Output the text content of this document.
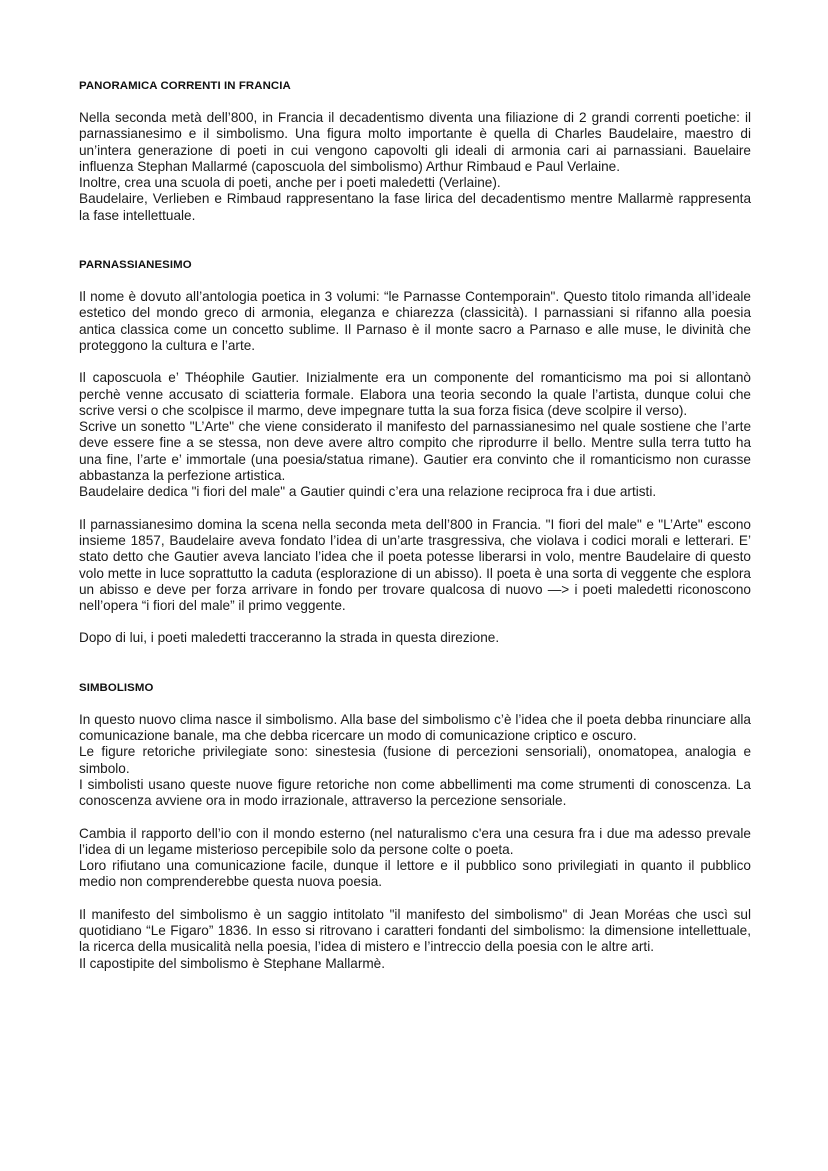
PANORAMICA CORRENTI IN FRANCIA

Nella seconda metà dell’800, in Francia il decadentismo diventa una filiazione di 2 grandi correnti poetiche: il parnassianesimo e il simbolismo. Una figura molto importante è quella di Charles Baudelaire, maestro di un’intera generazione di poeti in cui vengono capovolti gli ideali di armonia cari ai parnassiani. Bauelaire influenza Stephan Mallarmé (caposcuola del simbolismo) Arthur Rimbaud e Paul Verlaine.

Inoltre, crea una scuola di poeti, anche per i poeti maledetti (Verlaine).

Baudelaire, Verlieben e Rimbaud rappresentano la fase lirica del decadentismo mentre Mallarmè rappresenta la fase intellettuale.

PARNASSIANESIMO

Il nome è dovuto all’antologia poetica in 3 volumi: “le Parnasse Contemporain". Questo titolo rimanda all’ideale estetico del mondo greco di armonia, eleganza e chiarezza (classicità). I parnassiani si rifanno alla poesia antica classica come un concetto sublime. Il Parnaso è il monte sacro a Parnaso e alle muse, le divinità che proteggono la cultura e l’arte.

Il caposcuola e’ Théophile Gautier. Inizialmente era un componente del romanticismo ma poi si allontanò perchè venne accusato di sciatteria formale. Elabora una teoria secondo la quale l’artista, dunque colui che scrive versi o che scolpisce il marmo, deve impegnare tutta la sua forza fisica (deve scolpire il verso).

Scrive un sonetto "L’Arte" che viene considerato il manifesto del parnassianesimo nel quale sostiene che l’arte deve essere fine a se stessa, non deve avere altro compito che riprodurre il bello. Mentre sulla terra tutto ha una fine, l’arte e’ immortale (una poesia/statua rimane). Gautier era convinto che il romanticismo non curasse abbastanza la perfezione artistica.

Baudelaire dedica "i fiori del male" a Gautier quindi c’era una relazione reciproca fra i due artisti.

Il parnassianesimo domina la scena nella seconda meta dell’800 in Francia. "I fiori del male" e "L’Arte" escono insieme 1857, Baudelaire aveva fondato l’idea di un’arte trasgressiva, che violava i codici morali e letterari. E’ stato detto che Gautier aveva lanciato l’idea che il poeta potesse liberarsi in volo, mentre Baudelaire di questo volo mette in luce soprattutto la caduta (esplorazione di un abisso). Il poeta è una sorta di veggente che esplora un abisso e deve per forza arrivare in fondo per trovare qualcosa di nuovo —> i poeti maledetti riconoscono nell’opera “i fiori del male” il primo veggente.

Dopo di lui, i poeti maledetti tracceranno la strada in questa direzione.

SIMBOLISMO

In questo nuovo clima nasce il simbolismo. Alla base del simbolismo c’è l’idea che il poeta debba rinunciare alla comunicazione banale, ma che debba ricercare un modo di comunicazione criptico e oscuro.

Le figure retoriche privilegiate sono: sinestesia (fusione di percezioni sensoriali), onomatopea, analogia e simbolo.

I simbolisti usano queste nuove figure retoriche non come abbellimenti ma come strumenti di conoscenza. La conoscenza avviene ora in modo irrazionale, attraverso la percezione sensoriale.

Cambia il rapporto dell’io con il mondo esterno (nel naturalismo c'era una cesura fra i due ma adesso prevale l’idea di un legame misterioso percepibile solo da persone colte o poeta.

Loro rifiutano una comunicazione facile, dunque il lettore e il pubblico sono privilegiati in quanto il pubblico medio non comprenderebbe questa nuova poesia.

Il manifesto del simbolismo è un saggio intitolato "il manifesto del simbolismo" di Jean Moréas che uscì sul quotidiano “Le Figaro” 1836. In esso si ritrovano i caratteri fondanti del simbolismo: la dimensione intellettuale, la ricerca della musicalità nella poesia, l’idea di mistero e l’intreccio della poesia con le altre arti.

Il capostipite del simbolismo è Stephane Mallarmè.
